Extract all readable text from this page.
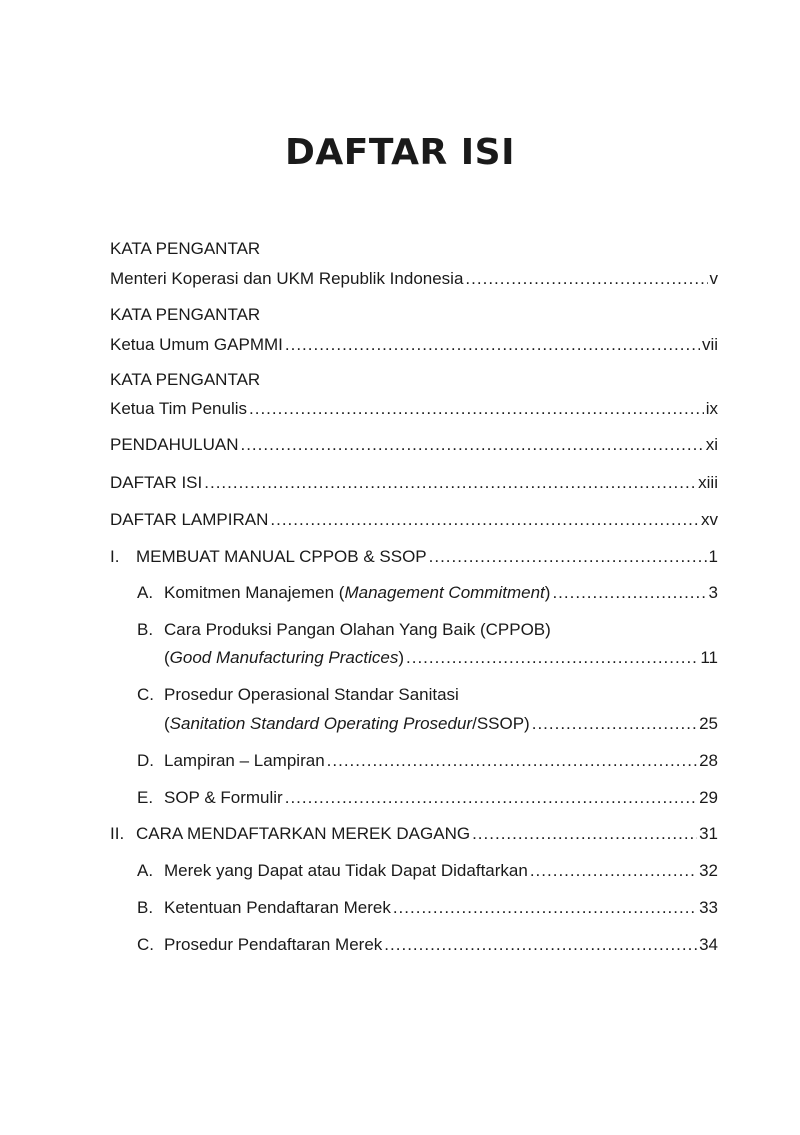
DAFTAR ISI
KATA PENGANTAR
Menteri Koperasi dan UKM Republik Indonesia .....	v
KATA PENGANTAR
Ketua Umum GAPMMI .....	vii
KATA PENGANTAR
Ketua Tim Penulis .....	ix
PENDAHULUAN .....	xi
DAFTAR ISI .....	xiii
DAFTAR LAMPIRAN .....	xv
I. MEMBUAT MANUAL CPPOB & SSOP .....	1
A. Komitmen Manajemen (Management Commitment) .....	3
B. Cara Produksi Pangan Olahan Yang Baik (CPPOB)
(Good Manufacturing Practices) .....	11
C. Prosedur Operasional Standar Sanitasi
(Sanitation Standard Operating Prosedur/SSOP) .....	25
D. Lampiran – Lampiran .....	28
E. SOP & Formulir .....	29
II. CARA MENDAFTARKAN MEREK DAGANG .....	31
A. Merek yang Dapat atau Tidak Dapat Didaftarkan .....	32
B. Ketentuan Pendaftaran Merek .....	33
C. Prosedur Pendaftaran Merek .....	34
